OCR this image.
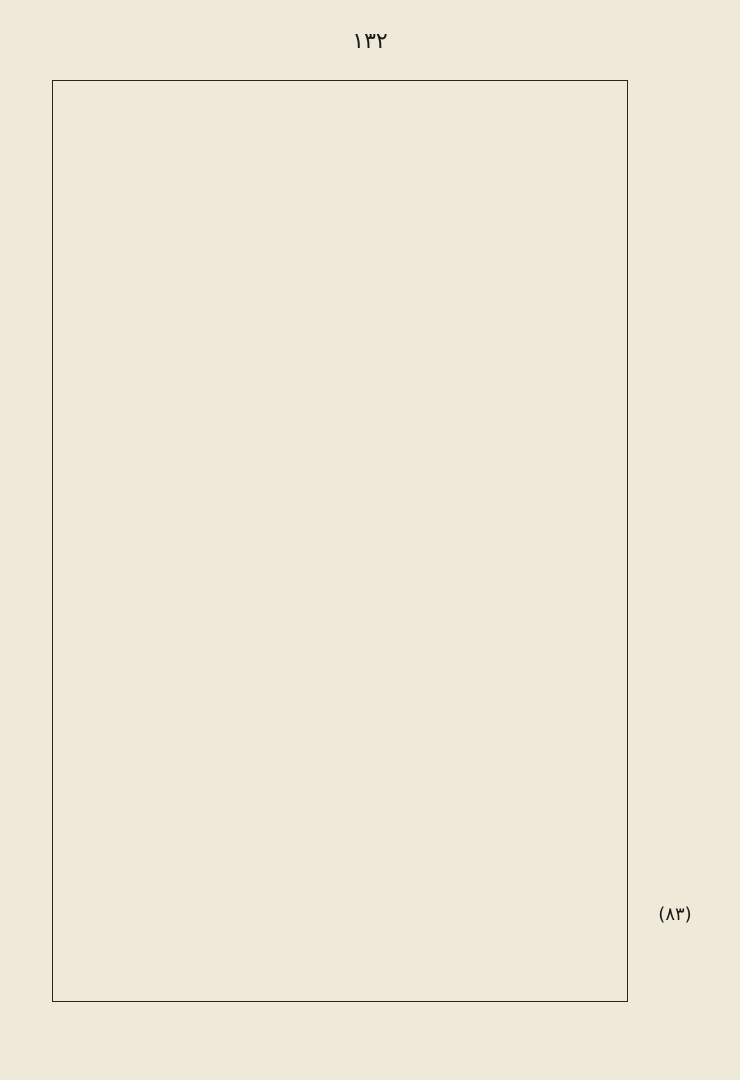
١٣٢
(٨٣)
